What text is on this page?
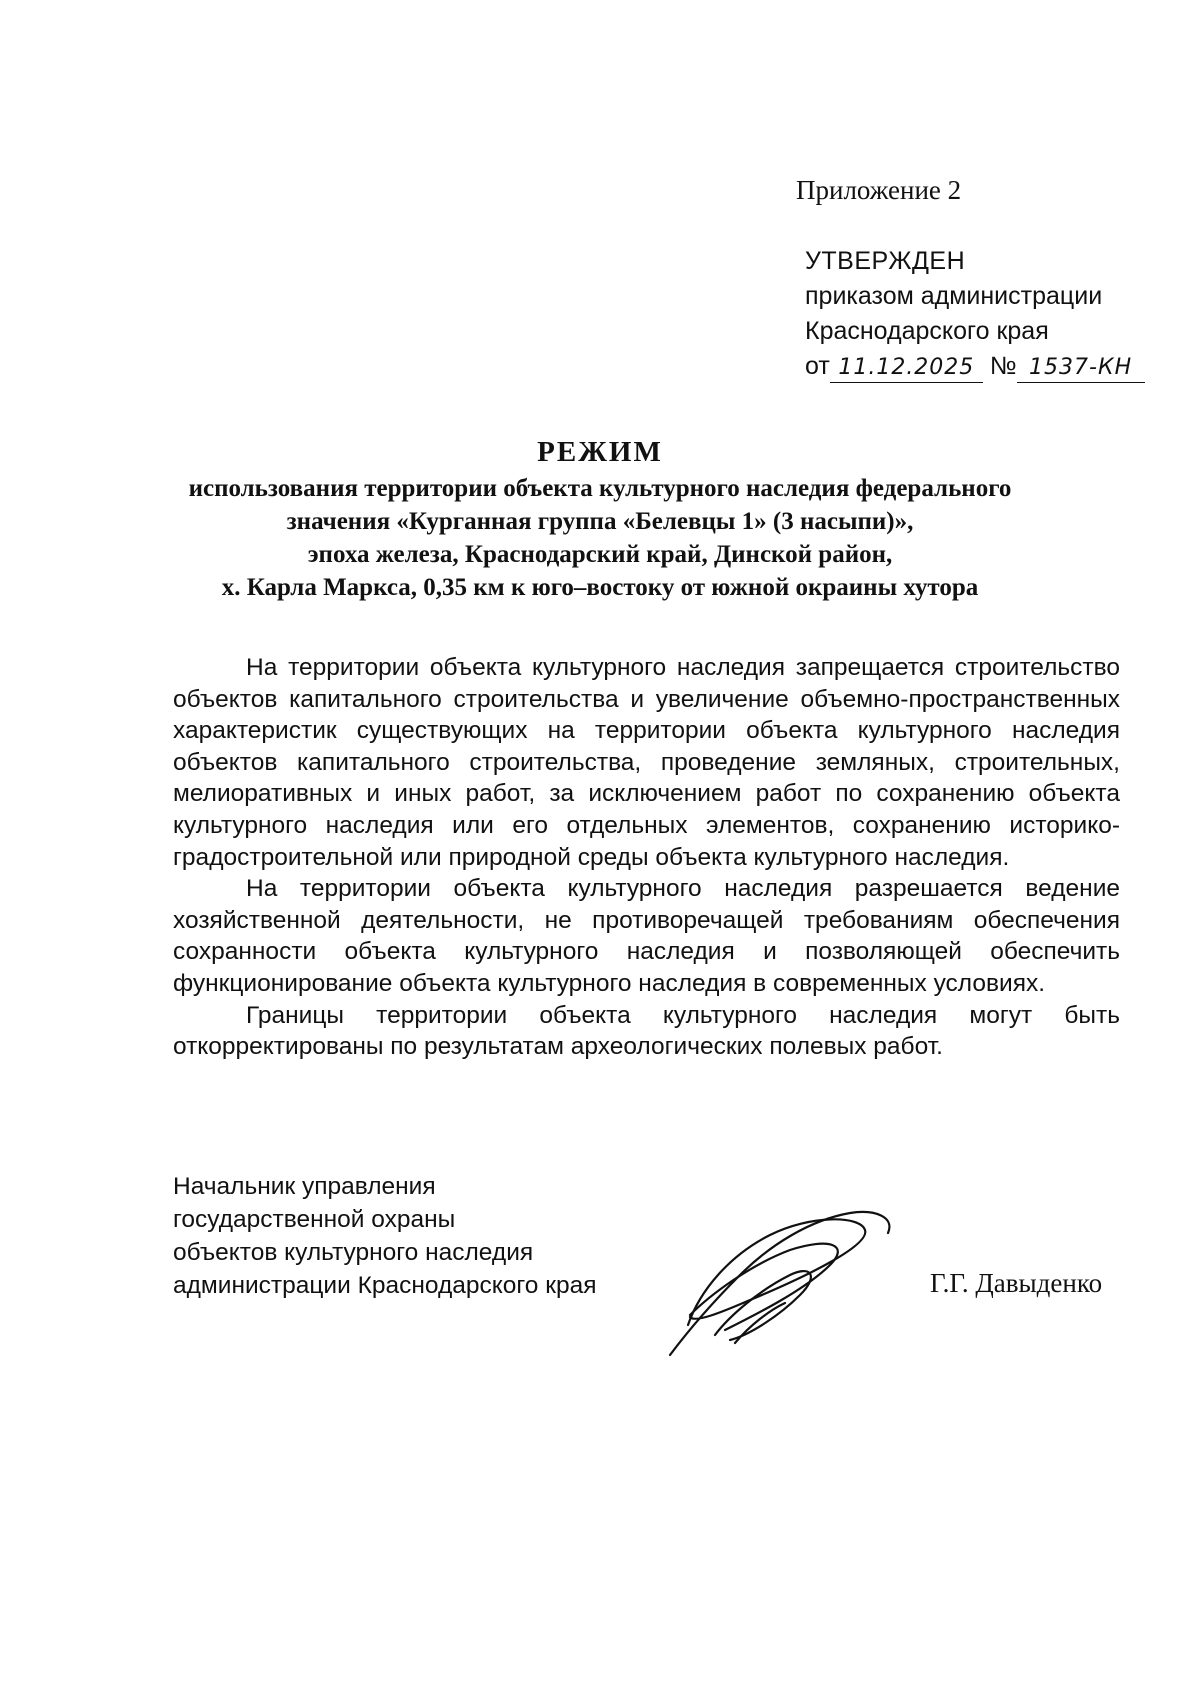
Приложение 2
УТВЕРЖДЕН
приказом администрации
Краснодарского края
от 11.12.2025 № 1537-КН
РЕЖИМ
использования территории объекта культурного наследия федерального
значения «Курганная группа «Белевцы 1» (3 насыпи)»,
эпоха железа, Краснодарский край, Динской район,
х. Карла Маркса, 0,35 км к юго–востоку от южной окраины хутора

На территории объекта культурного наследия запрещается строительство объектов капитального строительства и увеличение объемно-пространственных характеристик существующих на территории объекта культурного наследия объектов капитального строительства, проведение земляных, строительных, мелиоративных и иных работ, за исключением работ по сохранению объекта культурного наследия или его отдельных элементов, сохранению историко-градостроительной или природной среды объекта культурного наследия.

На территории объекта культурного наследия разрешается ведение хозяйственной деятельности, не противоречащей требованиям обеспечения сохранности объекта культурного наследия и позволяющей обеспечить функционирование объекта культурного наследия в современных условиях.

Границы территории объекта культурного наследия могут быть откорректированы по результатам археологических полевых работ.

Начальник управления
государственной охраны
объектов культурного наследия
администрации Краснодарского края	Г.Г. Давыденко
